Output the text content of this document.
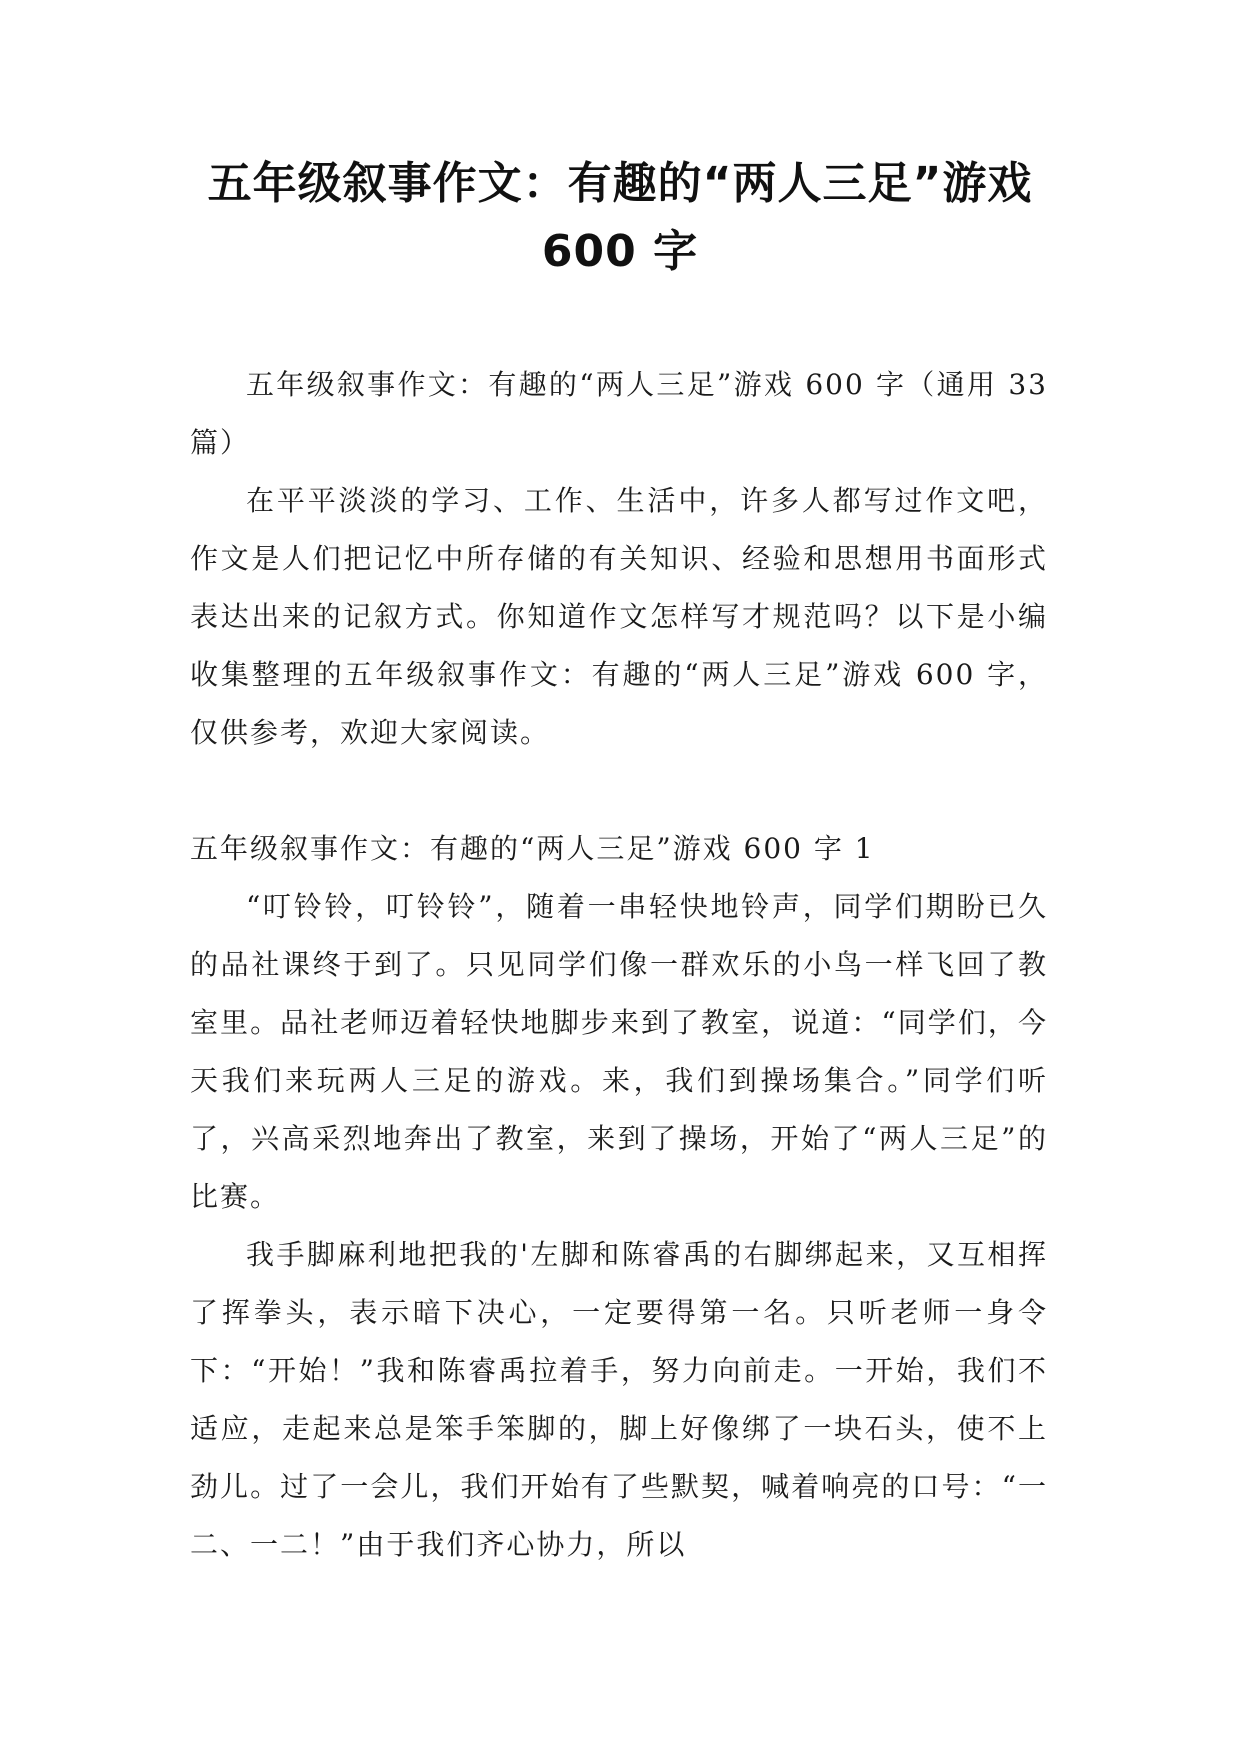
五年级叙事作文：有趣的“两人三足”游戏
600 字

五年级叙事作文：有趣的“两人三足”游戏 600 字（通用 33 篇）

在平平淡淡的学习、工作、生活中，许多人都写过作文吧，作文是人们把记忆中所存储的有关知识、经验和思想用书面形式表达出来的记叙方式。你知道作文怎样写才规范吗？以下是小编收集整理的五年级叙事作文：有趣的“两人三足”游戏 600 字，仅供参考，欢迎大家阅读。

五年级叙事作文：有趣的“两人三足”游戏 600 字 1

“叮铃铃，叮铃铃”，随着一串轻快地铃声，同学们期盼已久的品社课终于到了。只见同学们像一群欢乐的小鸟一样飞回了教室里。品社老师迈着轻快地脚步来到了教室，说道：“同学们，今天我们来玩两人三足的游戏。来，我们到操场集合。”同学们听了，兴高采烈地奔出了教室，来到了操场，开始了“两人三足”的比赛。

我手脚麻利地把我的'左脚和陈睿禹的右脚绑起来，又互相挥了挥拳头，表示暗下决心，一定要得第一名。只听老师一身令下：“开始！”我和陈睿禹拉着手，努力向前走。一开始，我们不适应，走起来总是笨手笨脚的，脚上好像绑了一块石头，使不上劲儿。过了一会儿，我们开始有了些默契，喊着响亮的口号：“一二、一二！”由于我们齐心协力，所以
